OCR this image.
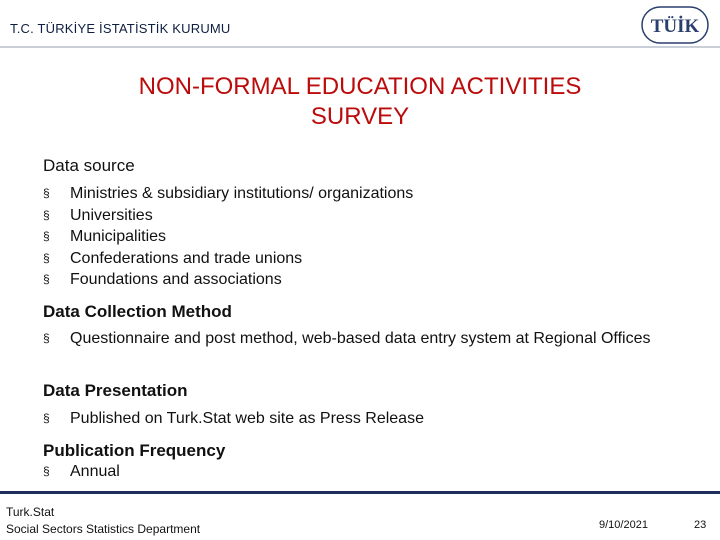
T.C. TÜRKİYE İSTATİSTİK KURUMU	TÜİK
NON-FORMAL EDUCATION ACTIVITIES
SURVEY
Data source
§ Ministries & subsidiary institutions/ organizations
§ Universities
§ Municipalities
§ Confederations and trade unions
§ Foundations and associations
Data Collection Method
§ Questionnaire and post method, web-based data entry system at Regional Offices
Data Presentation
§ Published on Turk.Stat web site as Press Release
Publication Frequency
§ Annual
Turk.Stat
Social Sectors Statistics Department	9/10/2021	23
